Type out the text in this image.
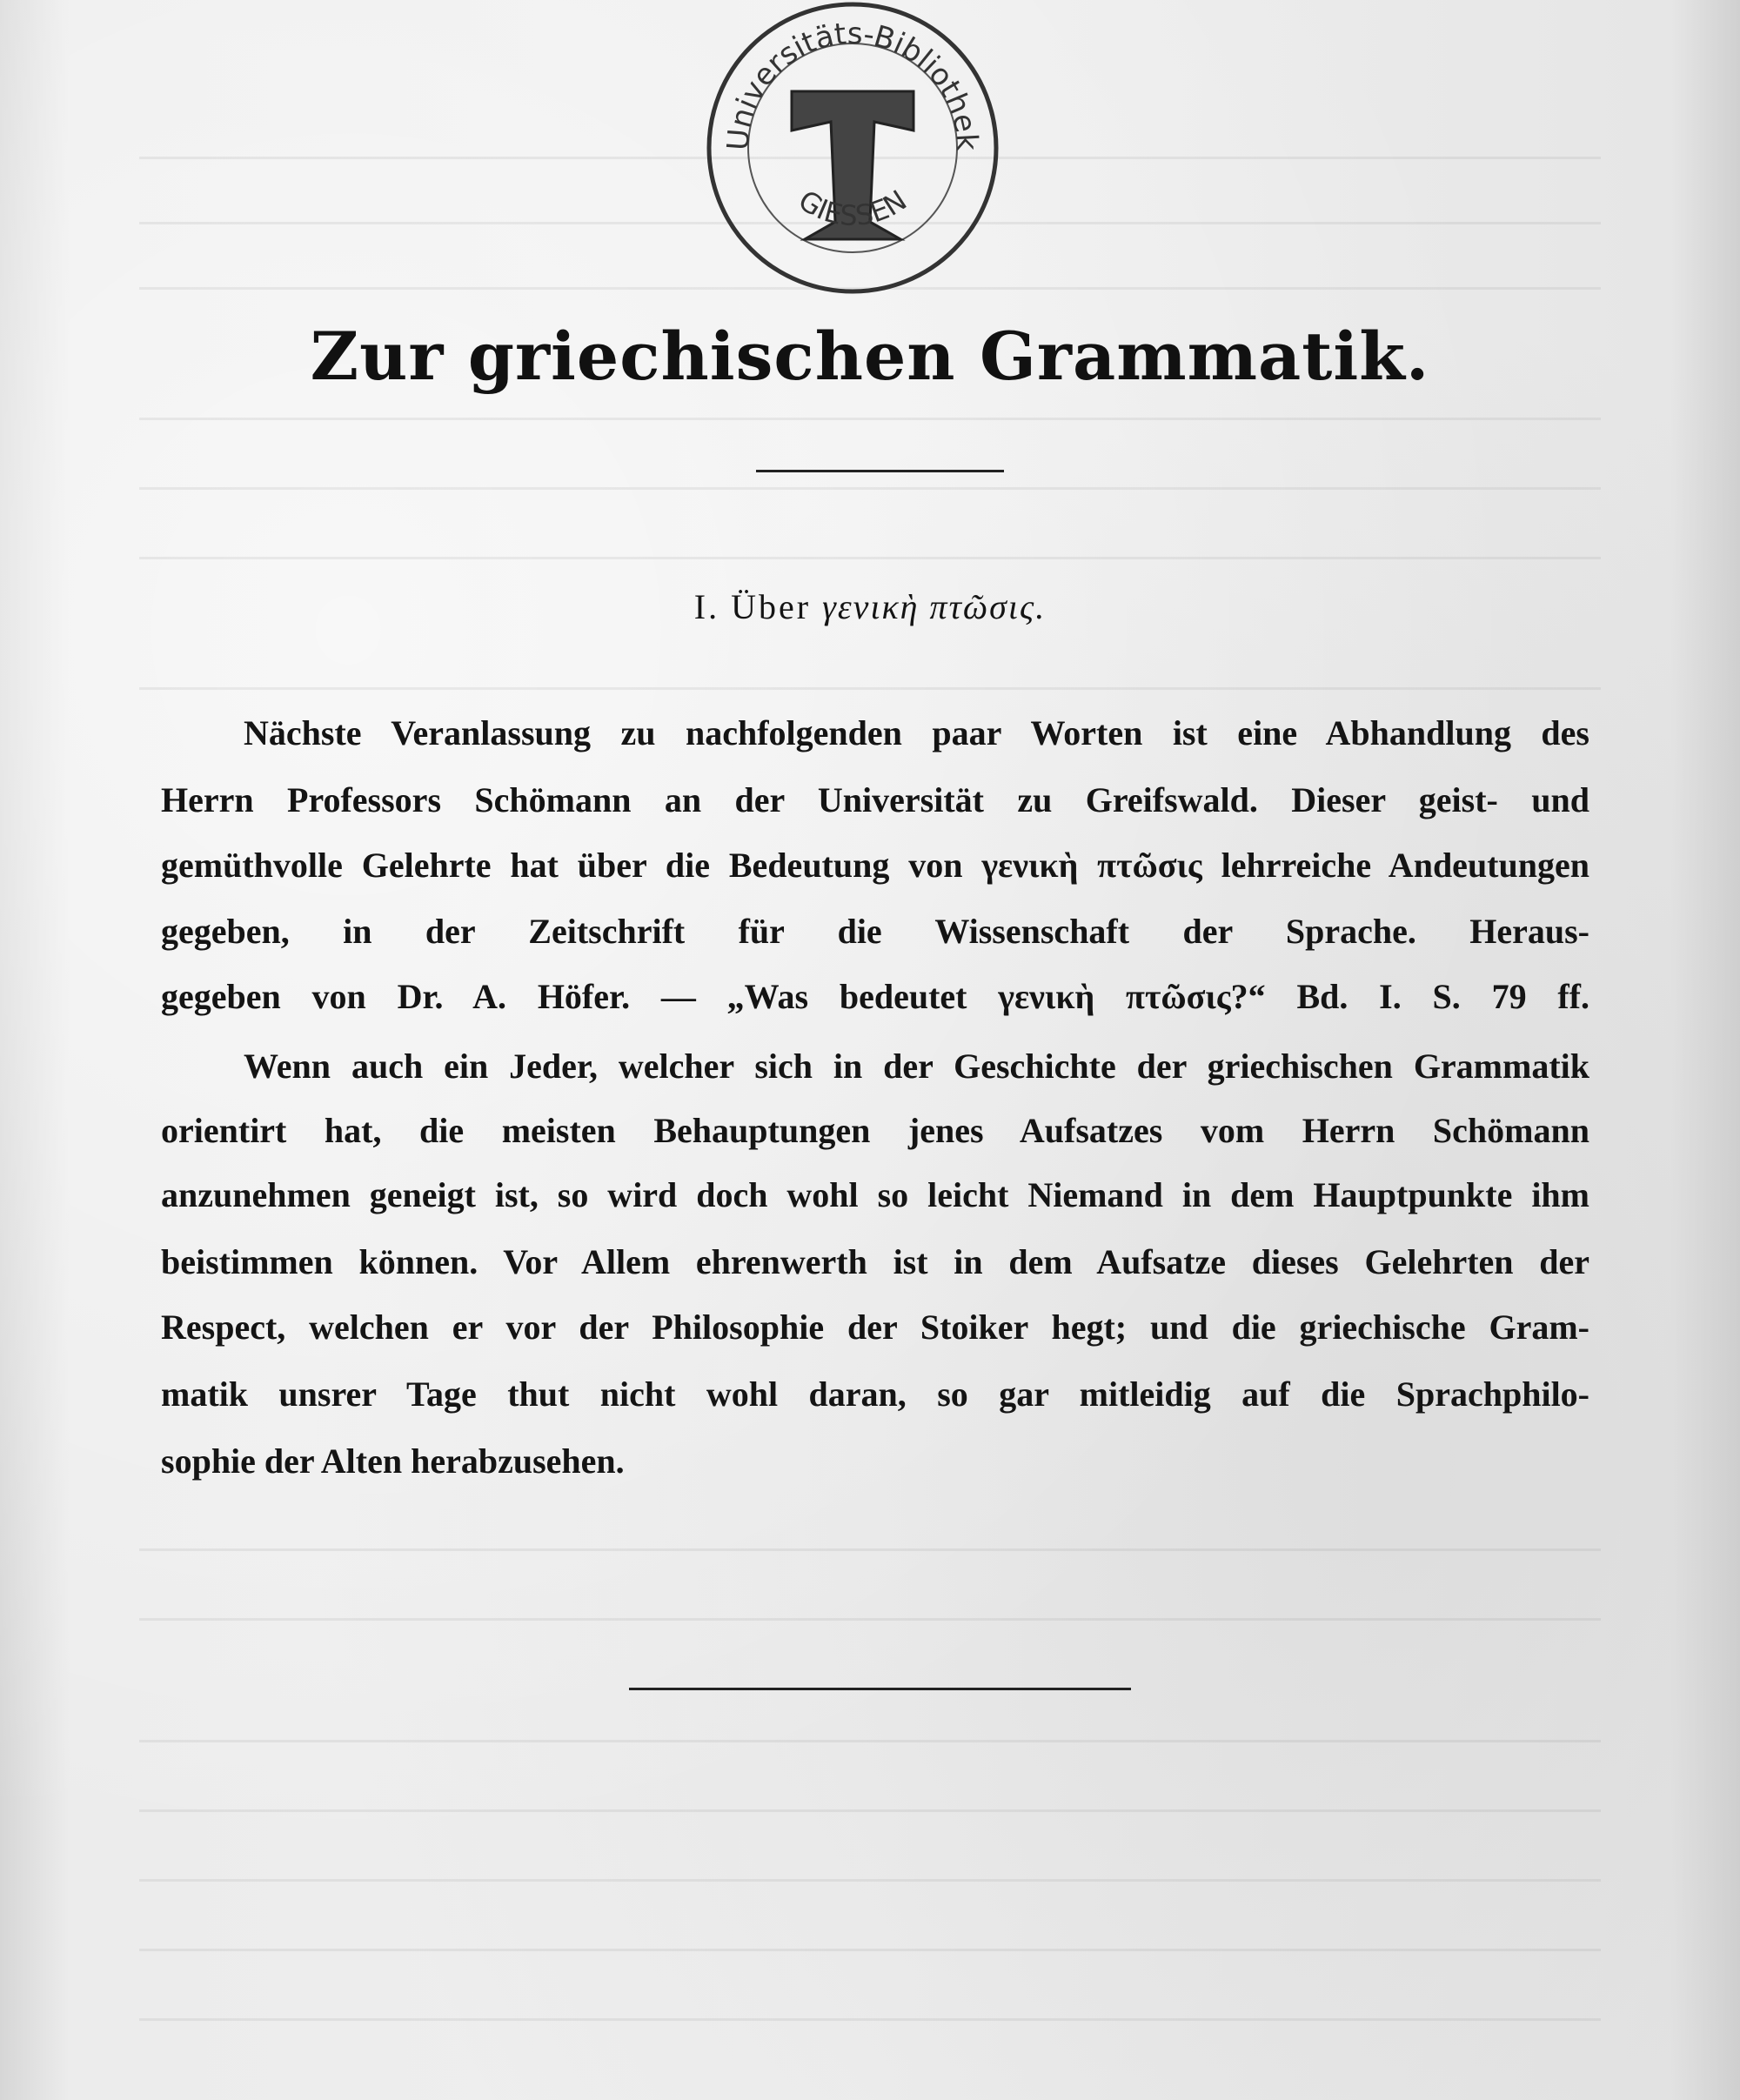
Universitäts-Bibliothek
GIESSEN
Zur griechischen Grammatik.
I. Über γενικὴ πτῶσις.
Nächste Veranlassung zu nachfolgenden paar Worten ist eine Abhandlung des
Herrn Professors Schömann an der Universität zu Greifswald. Dieser geist- und
gemüthvolle Gelehrte hat über die Bedeutung von γενικὴ πτῶσις lehrreiche Andeutungen
gegeben, in der Zeitschrift für die Wissenschaft der Sprache. Heraus-
gegeben von Dr. A. Höfer. — „Was bedeutet γενικὴ πτῶσις?“ Bd. I. S. 79 ff.
Wenn auch ein Jeder, welcher sich in der Geschichte der griechischen Grammatik
orientirt hat, die meisten Behauptungen jenes Aufsatzes vom Herrn Schömann
anzunehmen geneigt ist, so wird doch wohl so leicht Niemand in dem Hauptpunkte ihm
beistimmen können. Vor Allem ehrenwerth ist in dem Aufsatze dieses Gelehrten der
Respect, welchen er vor der Philosophie der Stoiker hegt; und die griechische Gram-
matik unsrer Tage thut nicht wohl daran, so gar mitleidig auf die Sprachphilo-
sophie der Alten herabzusehen.
